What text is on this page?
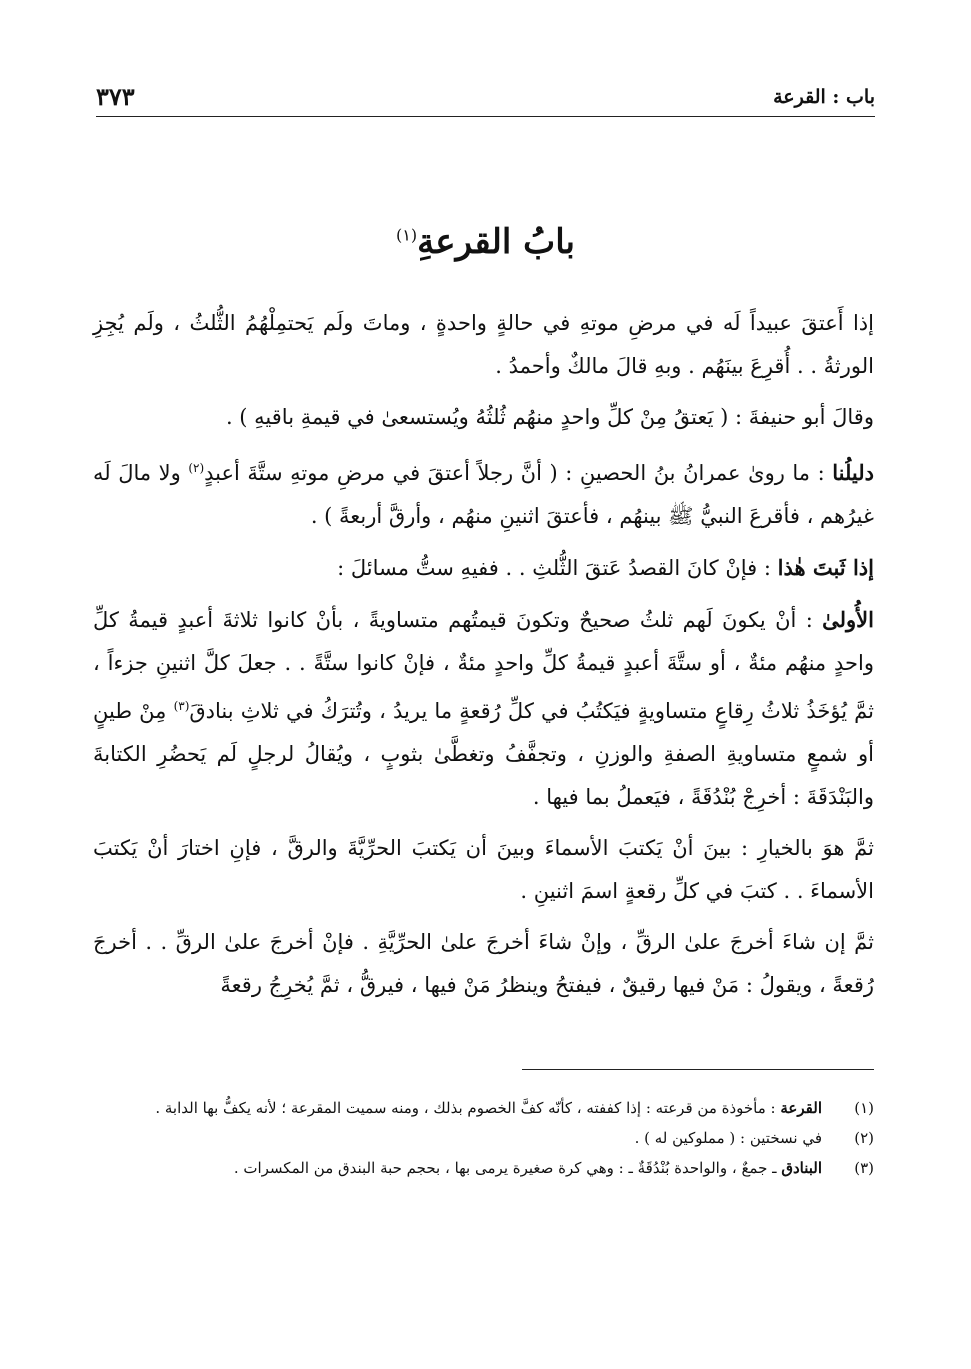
باب : القرعة
٣٧٣
بابُ القرعةِ$^{(١)}$

إذا أَعتقَ عبيداً لَه في مرضِ موتهِ في حالةٍ واحدةٍ ، وماتَ ولَم يَحتمِلْهُمُ الثُّلثُ ، ولَم يُجِزِ الورثةُ . . أُقرِعَ بينَهُم . وبهِ قالَ مالكٌ وأحمدُ .

وقالَ أبو حنيفةَ : ( يَعتقُ مِنْ كلِّ واحدٍ منهُم ثُلثُهُ ويُستسعىٰ في قيمةِ باقيهِ ) .

دليلُنا : ما روىٰ عمرانُ بنُ الحصينِ : ( أنَّ رجلاً أعتقَ في مرضِ موتهِ ستَّةَ أعبدٍ$^{(٢)}$ ولا مالَ لَه غيرُهم ، فأقرعَ النبيُّ ﷺ بينهُم ، فأعتقَ اثنينِ منهُم ، وأرقَّ أربعةً ) .

إذا ثَبتَ هٰذا : فإنْ كانَ القصدُ عَتقَ الثُّلثِ . . ففيهِ ستُّ مسائلَ :

الأُولىٰ : أنْ يكونَ لَهم ثلثُ صحيحٌ وتكونَ قيمتُهم متساويةً ، بأنْ كانوا ثلاثةَ أعبدٍ قيمةُ كلِّ واحدٍ منهُم مئةٌ ، أو ستَّةَ أعبدٍ قيمةُ كلِّ واحدٍ مئةٌ ، فإنْ كانوا ستَّةً . . جعلَ كلَّ اثنينِ جزءاً ، ثمَّ يُؤخَذُ ثلاثُ رِقاعٍ متساويةٍ فيَكتُبُ في كلِّ رُقعةٍ ما يريدُ ، وتُترَكُ في ثلاثِ بنادقَ$^{(٣)}$ مِنْ طينٍ أو شمعٍ متساويةِ الصفةِ والوزنِ ، وتجفَّفُ وتغطَّىٰ بثوبٍ ، ويُقالُ لرجلٍ لَم يَحضُرِ الكتابةَ والبَنْدَقَةَ : أخرِجْ بُنْدُقَةً ، فيَعملُ بما فيها .

ثمَّ هوَ بالخيارِ : بينَ أنْ يَكتبَ الأسماءَ وبينَ أن يَكتبَ الحرِّيَّةَ والرقَّ ، فإنِ اختارَ أنْ يَكتبَ الأسماءَ . . كتبَ في كلِّ رقعةٍ اسمَ اثنينِ .

ثمَّ إن شاءَ أخرجَ علىٰ الرقِّ ، وإنْ شاءَ أخرجَ علىٰ الحرِّيَّةِ . فإنْ أخرجَ علىٰ الرقِّ . . أخرجَ رُقعةً ، ويقولُ : مَنْ فيها رقيقٌ ، فيفتحُ وينظرُ مَنْ فيها ، فيرقُّ ، ثمَّ يُخرِجُ رقعةً

(١)
القرعة : مأخوذة من قرعته : إذا كففته ، كأنّه كفَّ الخصوم بذلك ، ومنه سميت المقرعة ؛ لأنه يكفُّ بها الدابة .
(٢)
في نسختين : ( مملوكين له ) .
(٣)
البنادق ـ جمعٌ ، والواحدة بُنْدُقَةٌ ـ : وهي كرة صغيرة يرمى بها ، بحجم حبة البندق من المكسرات .
